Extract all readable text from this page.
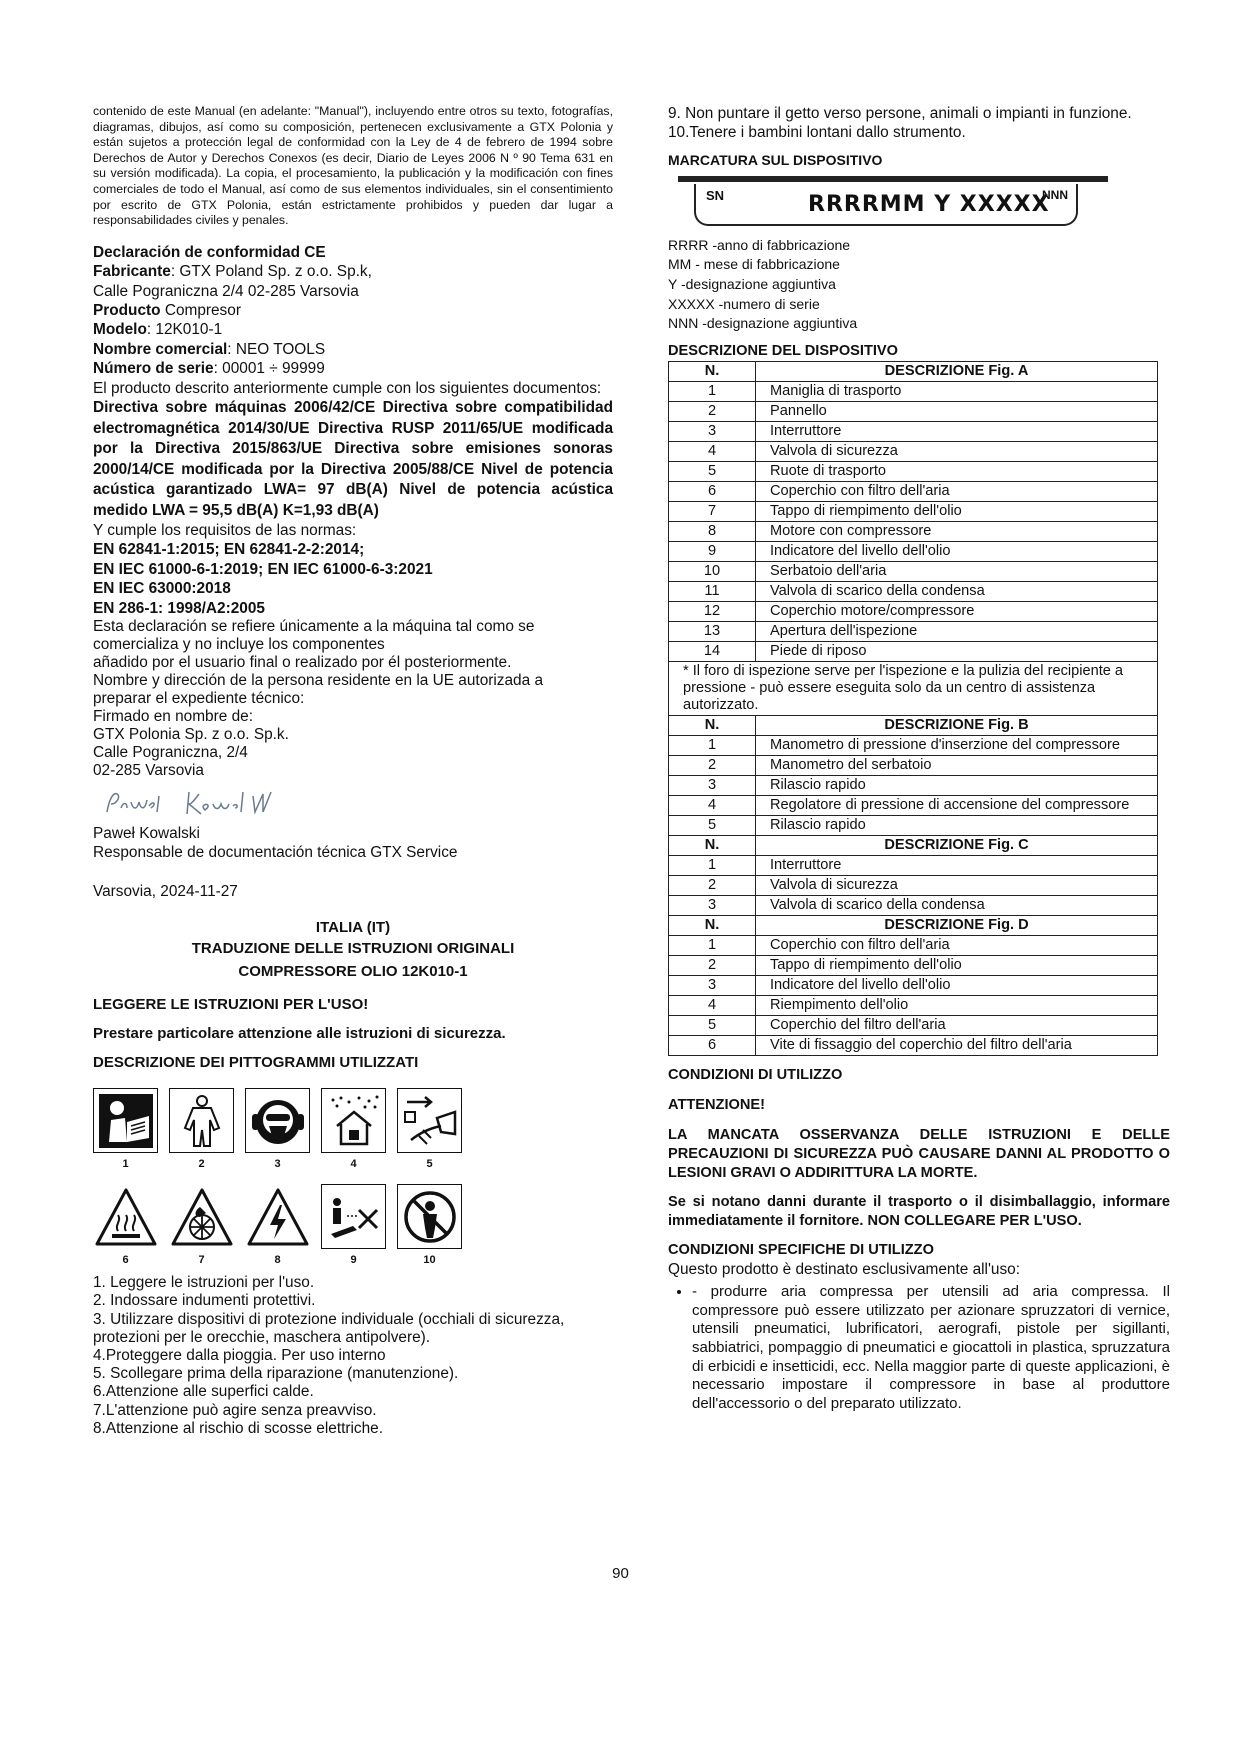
contenido de este Manual (en adelante: "Manual"), incluyendo entre otros su texto, fotografías, diagramas, dibujos, así como su composición, pertenecen exclusivamente a GTX Polonia y están sujetos a protección legal de conformidad con la Ley de 4 de febrero de 1994 sobre Derechos de Autor y Derechos Conexos (es decir, Diario de Leyes 2006 N º 90 Tema 631 en su versión modificada). La copia, el procesamiento, la publicación y la modificación con fines comerciales de todo el Manual, así como de sus elementos individuales, sin el consentimiento por escrito de GTX Polonia, están estrictamente prohibidos y pueden dar lugar a responsabilidades civiles y penales.

Declaración de conformidad CE

Fabricante: GTX Poland Sp. z o.o. Sp.k,

Calle Pograniczna 2/4 02-285 Varsovia

Producto Compresor

Modelo: 12K010-1

Nombre comercial: NEO TOOLS

Número de serie: 00001 ÷ 99999

El producto descrito anteriormente cumple con los siguientes documentos:

Directiva sobre máquinas 2006/42/CE Directiva sobre compatibilidad electromagnética 2014/30/UE Directiva RUSP 2011/65/UE modificada por la Directiva 2015/863/UE Directiva sobre emisiones sonoras 2000/14/CE modificada por la Directiva 2005/88/CE Nivel de potencia acústica garantizado LWA= 97 dB(A) Nivel de potencia acústica medido LWA = 95,5 dB(A) K=1,93 dB(A)

Y cumple los requisitos de las normas:

EN 62841-1:2015; EN 62841-2-2:2014;

EN IEC 61000-6-1:2019; EN IEC 61000-6-3:2021

EN IEC 63000:2018

EN 286-1: 1998/A2:2005

Esta declaración se refiere únicamente a la máquina tal como se

comercializa y no incluye los componentes

añadido por el usuario final o realizado por él posteriormente.

Nombre y dirección de la persona residente en la UE autorizada a

preparar el expediente técnico:

Firmado en nombre de:

GTX Polonia Sp. z o.o. Sp.k.

Calle Pograniczna, 2/4

02-285 Varsovia

Paweł Kowalski

Responsable de documentación técnica GTX Service

Varsovia, 2024-11-27

ITALIA (IT)

TRADUZIONE DELLE ISTRUZIONI ORIGINALI

COMPRESSORE OLIO 12K010-1

LEGGERE LE ISTRUZIONI PER L'USO!

Prestare particolare attenzione alle istruzioni di sicurezza.

DESCRIZIONE DEI PITTOGRAMMI UTILIZZATI

1	2	3	4	5
6	7	8	9	10

1. Leggere le istruzioni per l'uso.

2. Indossare indumenti protettivi.

3. Utilizzare dispositivi di protezione individuale (occhiali di sicurezza, protezioni per le orecchie, maschera antipolvere).

4.Proteggere dalla pioggia. Per uso interno

5. Scollegare prima della riparazione (manutenzione).

6.Attenzione alle superfici calde.

7.L'attenzione può agire senza preavviso.

8.Attenzione al rischio di scosse elettriche.

9. Non puntare il getto verso persone, animali o impianti in funzione.

10.Tenere i bambini lontani dallo strumento.

MARCATURA SUL DISPOSITIVO

SN	RRRRMM Y XXXXX
NNN

RRRR -anno di fabbricazione

MM - mese di fabbricazione

Y -designazione aggiuntiva

XXXXX -numero di serie

NNN -designazione aggiuntiva

DESCRIZIONE DEL DISPOSITIVO

N.	DESCRIZIONE Fig. A
1	Maniglia di trasporto
2	Pannello
3	Interruttore
4	Valvola di sicurezza
5	Ruote di trasporto
6	Coperchio con filtro dell'aria
7	Tappo di riempimento dell'olio
8	Motore con compressore
9	Indicatore del livello dell'olio
10	Serbatoio dell'aria
11	Valvola di scarico della condensa
12	Coperchio motore/compressore
13	Apertura dell'ispezione
14	Piede di riposo
* Il foro di ispezione serve per l'ispezione e la pulizia del recipiente a pressione - può essere eseguita solo da un centro di assistenza autorizzato.	
N.	DESCRIZIONE Fig. B
1	Manometro di pressione d'inserzione del compressore
2	Manometro del serbatoio
3	Rilascio rapido
4	Regolatore di pressione di accensione del compressore
5	Rilascio rapido
N.	DESCRIZIONE Fig. C
1	Interruttore
2	Valvola di sicurezza
3	Valvola di scarico della condensa
N.	DESCRIZIONE Fig. D
1	Coperchio con filtro dell'aria
2	Tappo di riempimento dell'olio
3	Indicatore del livello dell'olio
4	Riempimento dell'olio
5	Coperchio del filtro dell'aria
6	Vite di fissaggio del coperchio del filtro dell'aria

CONDIZIONI DI UTILIZZO

ATTENZIONE!

LA MANCATA OSSERVANZA DELLE ISTRUZIONI E DELLE PRECAUZIONI DI SICUREZZA PUÒ CAUSARE DANNI AL PRODOTTO O LESIONI GRAVI O ADDIRITTURA LA MORTE.

Se si notano danni durante il trasporto o il disimballaggio, informare immediatamente il fornitore. NON COLLEGARE PER L'USO.

CONDIZIONI SPECIFICHE DI UTILIZZO

Questo prodotto è destinato esclusivamente all'uso:

• - produrre aria compressa per utensili ad aria compressa. Il compressore può essere utilizzato per azionare spruzzatori di vernice, utensili pneumatici, lubrificatori, aerografi, pistole per sigillanti, sabbiatrici, pompaggio di pneumatici e giocattoli in plastica, spruzzatura di erbicidi e insetticidi, ecc. Nella maggior parte di queste applicazioni, è necessario impostare il compressore in base al produttore dell'accessorio o del preparato utilizzato.
90
